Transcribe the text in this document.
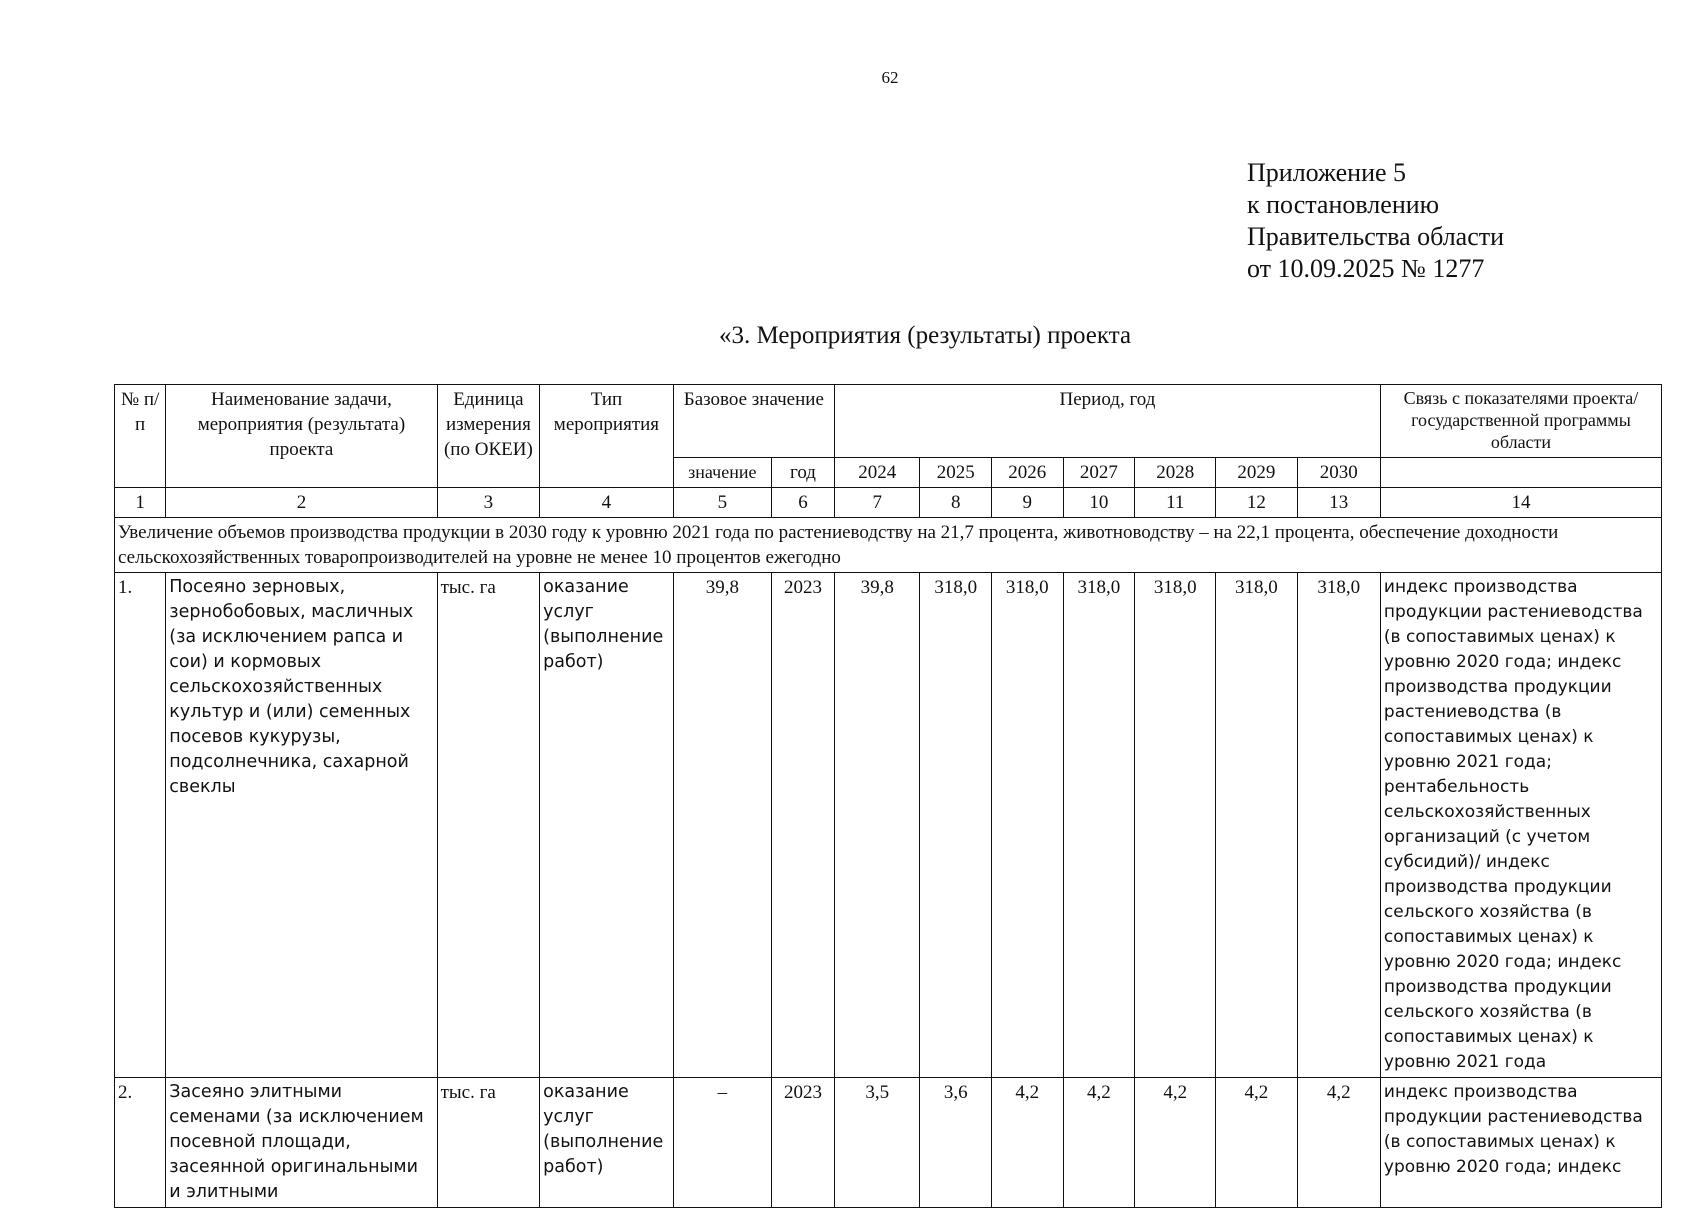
62
Приложение 5
к постановлению
Правительства области
от 10.09.2025 № 1277
«3. Мероприятия (результаты) проекта
№ п/п	Наименование задачи, мероприятия (результата) проекта	Единица измерения (по ОКЕИ)	Тип мероприятия	Базовое значение		Период, год							Связь с показателями проекта/государственной программы области
				значение	год	2024	2025	2026	2027	2028	2029	2030	
1	2	3	4	5	6	7	8	9	10	11	12	13	14
Увеличение объемов производства продукции в 2030 году к уровню 2021 года по растениеводству на 21,7 процента, животноводству – на 22,1 процента, обеспечение доходности сельскохозяйственных товаропроизводителей на уровне не менее 10 процентов ежегодно													
1.	Посеяно зерновых, зернобобовых, масличных (за исключением рапса и сои) и кормовых сельскохозяйственных культур и (или) семенных посевов кукурузы, подсолнечника, сахарной свеклы	тыс. га	оказание услуг (выполнение работ)	39,8	2023	39,8	318,0	318,0	318,0	318,0	318,0	318,0	индекс производства продукции растениеводства (в сопоставимых ценах) к уровню 2020 года; индекс производства продукции растениеводства (в сопоставимых ценах) к уровню 2021 года; рентабельность сельскохозяйственных организаций (с учетом субсидий)/ индекс производства продукции сельского хозяйства (в сопоставимых ценах) к уровню 2020 года; индекс производства продукции сельского хозяйства (в сопоставимых ценах) к уровню 2021 года
2.	Засеяно элитными семенами (за исключением посевной площади, засеянной оригинальными и элитными	тыс. га	оказание услуг (выполнение работ)	–	2023	3,5	3,6	4,2	4,2	4,2	4,2	4,2	индекс производства продукции растениеводства (в сопоставимых ценах) к уровню 2020 года; индекс
